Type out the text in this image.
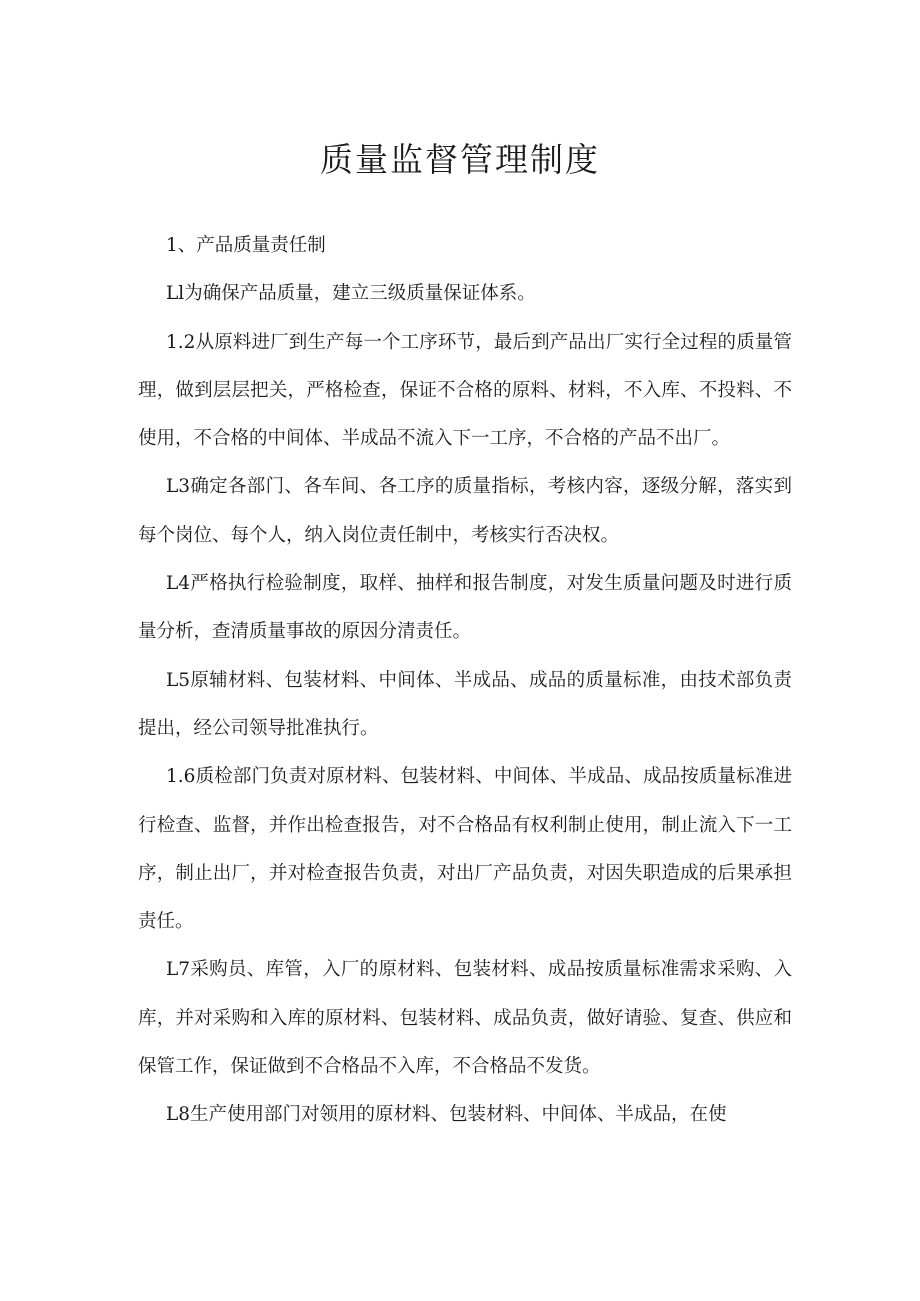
质量监督管理制度

1、产品质量责任制

Ll为确保产品质量，建立三级质量保证体系。

1.2从原料进厂到生产每一个工序环节，最后到产品出厂实行全过程的质量管理，做到层层把关，严格检查，保证不合格的原料、材料，不入库、不投料、不使用，不合格的中间体、半成品不流入下一工序，不合格的产品不出厂。

L3确定各部门、各车间、各工序的质量指标，考核内容，逐级分解，落实到每个岗位、每个人，纳入岗位责任制中，考核实行否决权。

L4严格执行检验制度，取样、抽样和报告制度，对发生质量问题及时进行质量分析，查清质量事故的原因分清责任。

L5原辅材料、包装材料、中间体、半成品、成品的质量标准，由技术部负责提出，经公司领导批准执行。

1.6质检部门负责对原材料、包装材料、中间体、半成品、成品按质量标准进行检查、监督，并作出检查报告，对不合格品有权利制止使用，制止流入下一工序，制止出厂，并对检查报告负责，对出厂产品负责，对因失职造成的后果承担责任。

L7采购员、库管，入厂的原材料、包装材料、成品按质量标准需求采购、入库，并对采购和入库的原材料、包装材料、成品负责，做好请验、复查、供应和保管工作，保证做到不合格品不入库，不合格品不发货。

L8生产使用部门对领用的原材料、包装材料、中间体、半成品，在使
